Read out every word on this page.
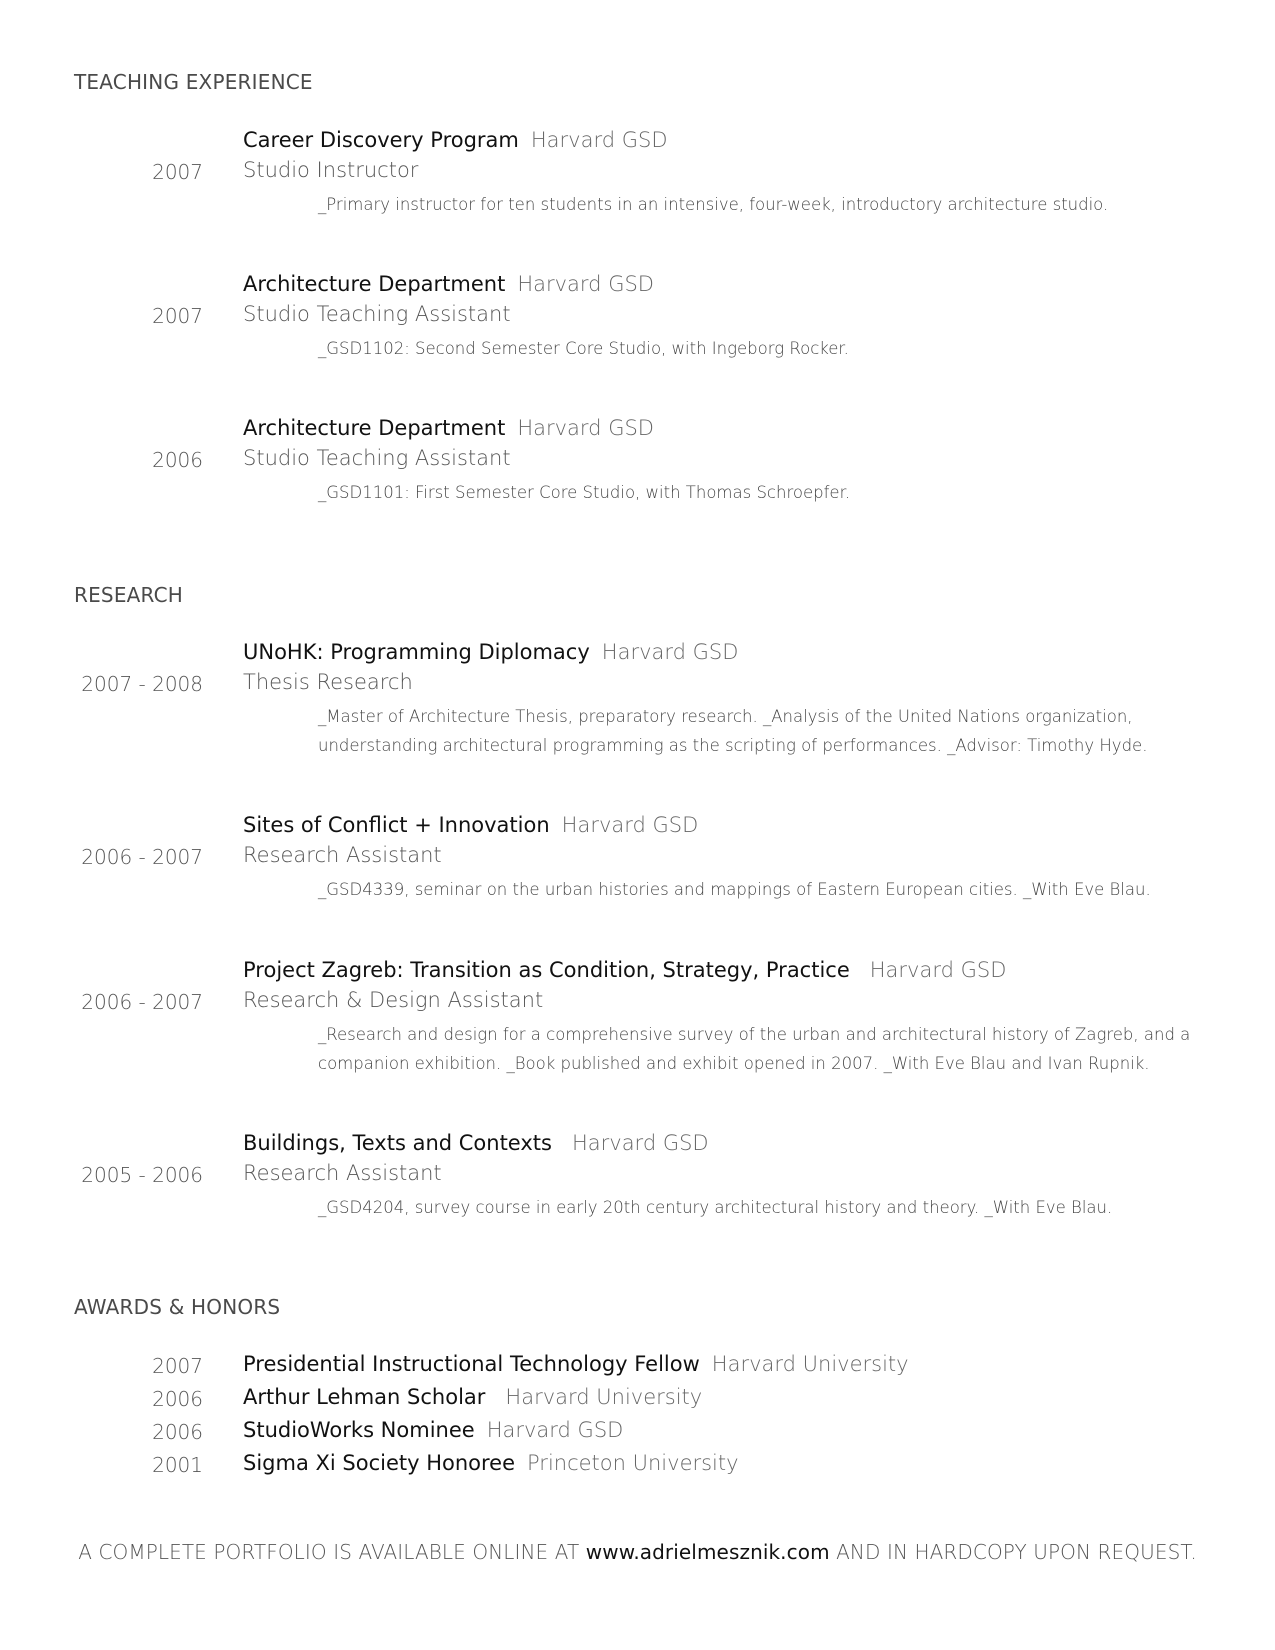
TEACHING EXPERIENCE
2007
Career Discovery Program Harvard GSD
Studio Instructor
_Primary instructor for ten students in an intensive, four-week, introductory architecture studio.
2007
Architecture Department Harvard GSD
Studio Teaching Assistant
_GSD1102: Second Semester Core Studio, with Ingeborg Rocker.
2006
Architecture Department Harvard GSD
Studio Teaching Assistant
_GSD1101: First Semester Core Studio, with Thomas Schroepfer.
RESEARCH
2007 - 2008
UNoHK: Programming Diplomacy Harvard GSD
Thesis Research
_Master of Architecture Thesis, preparatory research. _Analysis of the United Nations organization, understanding architectural programming as the scripting of performances. _Advisor: Timothy Hyde.
2006 - 2007
Sites of Conflict + Innovation Harvard GSD
Research Assistant
_GSD4339, seminar on the urban histories and mappings of Eastern European cities. _With Eve Blau.
2006 - 2007
Project Zagreb: Transition as Condition, Strategy, Practice Harvard GSD
Research & Design Assistant
_Research and design for a comprehensive survey of the urban and architectural history of Zagreb, and a companion exhibition. _Book published and exhibit opened in 2007. _With Eve Blau and Ivan Rupnik.
2005 - 2006
Buildings, Texts and Contexts Harvard GSD
Research Assistant
_GSD4204, survey course in early 20th century architectural history and theory. _With Eve Blau.
AWARDS & HONORS
2007 Presidential Instructional Technology Fellow Harvard University
2006 Arthur Lehman Scholar Harvard University
2006 StudioWorks Nominee Harvard GSD
2001 Sigma Xi Society Honoree Princeton University
A COMPLETE PORTFOLIO IS AVAILABLE ONLINE AT www.adrielmesznik.com AND IN HARDCOPY UPON REQUEST.
